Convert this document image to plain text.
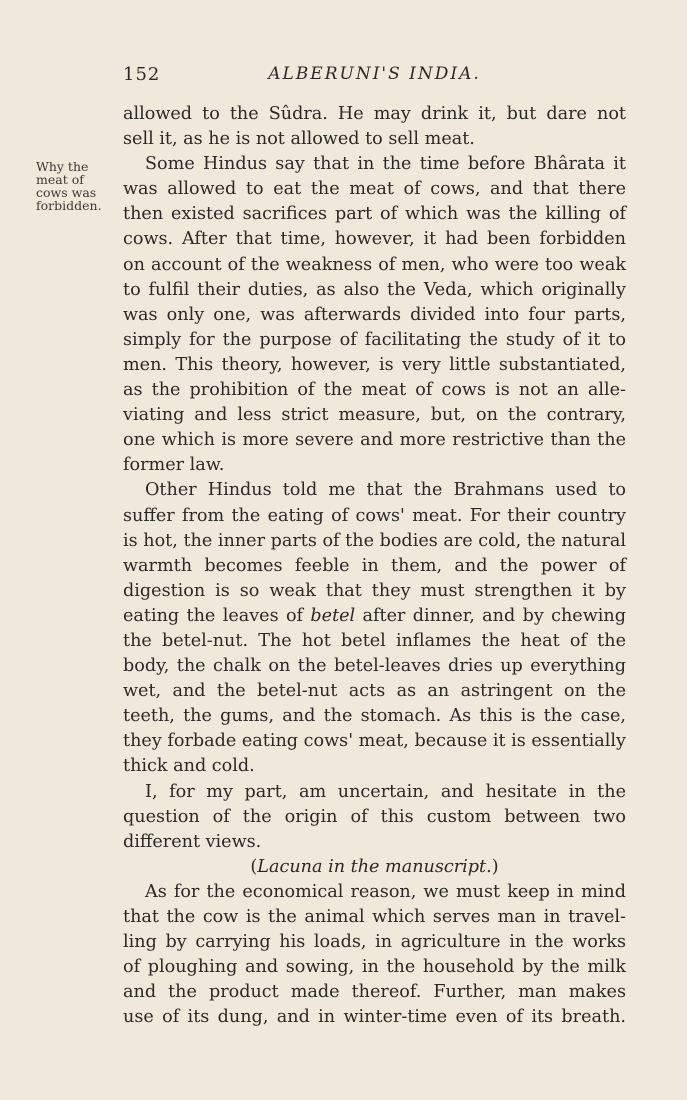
152	ALBERUNI'S INDIA.
Why the
meat of
cows was
forbidden.
allowed to the Sûdra. He may drink it, but dare not
sell it, as he is not allowed to sell meat.
Some Hindus say that in the time before Bhârata it
was allowed to eat the meat of cows, and that there
then existed sacrifices part of which was the killing of
cows. After that time, however, it had been forbidden
on account of the weakness of men, who were too weak
to fulfil their duties, as also the Veda, which originally
was only one, was afterwards divided into four parts,
simply for the purpose of facilitating the study of it to
men. This theory, however, is very little substantiated,
as the prohibition of the meat of cows is not an alle-
viating and less strict measure, but, on the contrary,
one which is more severe and more restrictive than the
former law.
Other Hindus told me that the Brahmans used to
suffer from the eating of cows' meat. For their country
is hot, the inner parts of the bodies are cold, the natural
warmth becomes feeble in them, and the power of
digestion is so weak that they must strengthen it by
eating the leaves of betel after dinner, and by chewing
the betel-nut. The hot betel inflames the heat of the
body, the chalk on the betel-leaves dries up everything
wet, and the betel-nut acts as an astringent on the
teeth, the gums, and the stomach. As this is the case,
they forbade eating cows' meat, because it is essentially
thick and cold.
I, for my part, am uncertain, and hesitate in the
question of the origin of this custom between two
different views.
(Lacuna in the manuscript.)
As for the economical reason, we must keep in mind
that the cow is the animal which serves man in travel-
ling by carrying his loads, in agriculture in the works
of ploughing and sowing, in the household by the milk
and the product made thereof. Further, man makes
use of its dung, and in winter-time even of its breath.
